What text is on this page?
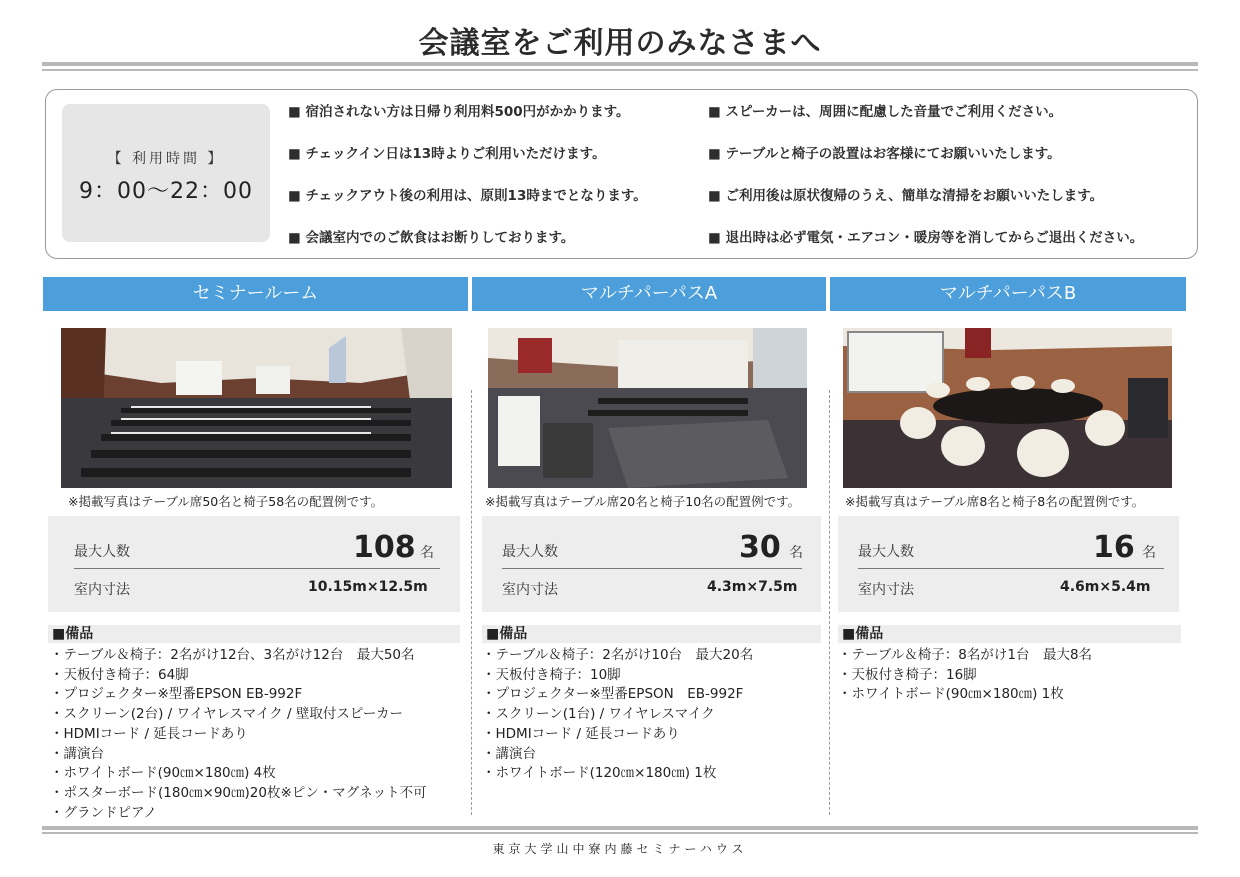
会議室をご利用のみなさまへ
【 利用時間 】
9：00～22：00
■ 宿泊されない方は日帰り利用料500円がかかります。
■ チェックイン日は13時よりご利用いただけます。
■ チェックアウト後の利用は、原則13時までとなります。
■ 会議室内でのご飲食はお断りしております。
■ スピーカーは、周囲に配慮した音量でご利用ください。
■ テーブルと椅子の設置はお客様にてお願いいたします。
■ ご利用後は原状復帰のうえ、簡単な清掃をお願いいたします。
■ 退出時は必ず電気・エアコン・暖房等を消してからご退出ください。
セミナールーム	マルチパーパスA	マルチパーパスB
※掲載写真はテーブル席50名と椅子58名の配置例です。	※掲載写真はテーブル席20名と椅子10名の配置例です。	※掲載写真はテーブル席8名と椅子8名の配置例です。
最大人数	108 名
室内寸法	10.15m×12.5m
最大人数	30 名
室内寸法	4.3m×7.5m
最大人数	16 名
室内寸法	4.6m×5.4m
■備品	■備品	■備品
・テーブル＆椅子：2名がけ12台、3名がけ12台　最大50名
・天板付き椅子：64脚
・プロジェクター※型番EPSON EB-992F
・スクリーン(2台) / ワイヤレスマイク / 壁取付スピーカー
・HDMIコード / 延長コードあり
・講演台
・ホワイトボード(90㎝×180㎝) 4枚
・ポスターボード(180㎝×90㎝)20枚※ピン・マグネット不可
・グランドピアノ
・テーブル＆椅子：2名がけ10台　最大20名
・天板付き椅子：10脚
・プロジェクター※型番EPSON　EB-992F
・スクリーン(1台) / ワイヤレスマイク
・HDMIコード / 延長コードあり
・講演台
・ホワイトボード(120㎝×180㎝) 1枚
・テーブル＆椅子：8名がけ1台　最大8名
・天板付き椅子：16脚
・ホワイトボード(90㎝×180㎝) 1枚
東京大学山中寮内藤セミナーハウス
